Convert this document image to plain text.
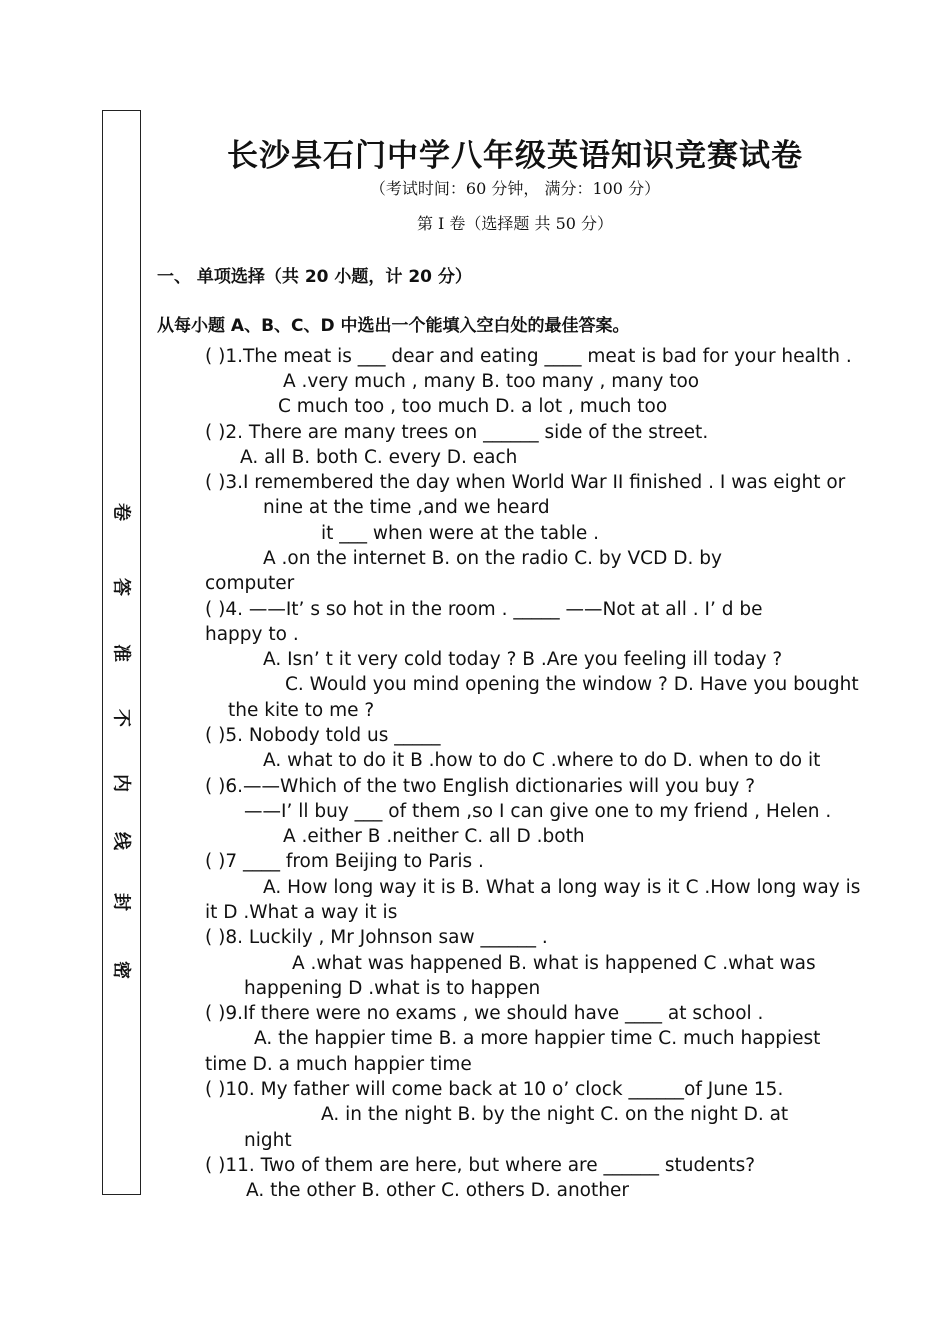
卷
答
准
不
内
线
封
密
长沙县石门中学八年级英语知识竞赛试卷
（考试时间：60 分钟， 满分：100 分）
第 I 卷（选择题 共 50 分）
一、 单项选择（共 20 小题，计 20 分）
从每小题 A、B、C、D 中选出一个能填入空白处的最佳答案。
( )1.The meat is ___ dear and eating ____ meat is bad for your health .
A .very much , many B. too many , many too
C much too , too much D. a lot , much too
( )2. There are many trees on ______ side of the street.
A. all B. both C. every D. each
( )3.I remembered the day when World War II finished . I was eight or
nine at the time ,and we heard
it ___ when were at the table .
A .on the internet B. on the radio C. by VCD D. by
computer
( )4. ——It’ s so hot in the room . _____ ——Not at all . I’ d be
happy to .
A. Isn’ t it very cold today ? B .Are you feeling ill today ?
C. Would you mind opening the window ? D. Have you bought
the kite to me ?
( )5. Nobody told us _____
A. what to do it B .how to do C .where to do D. when to do it
( )6.——Which of the two English dictionaries will you buy ?
——I’ ll buy ___ of them ,so I can give one to my friend , Helen .
A .either B .neither C. all D .both
( )7 ____ from Beijing to Paris .
A. How long way it is B. What a long way is it C .How long way is
it D .What a way it is
( )8. Luckily , Mr Johnson saw ______ .
A .what was happened B. what is happened C .what was
happening D .what is to happen
( )9.If there were no exams , we should have ____ at school .
A. the happier time B. a more happier time C. much happiest
time D. a much happier time
( )10. My father will come back at 10 o’ clock ______of June 15.
A. in the night B. by the night C. on the night D. at
night
( )11. Two of them are here, but where are ______ students?
A. the other B. other C. others D. another
